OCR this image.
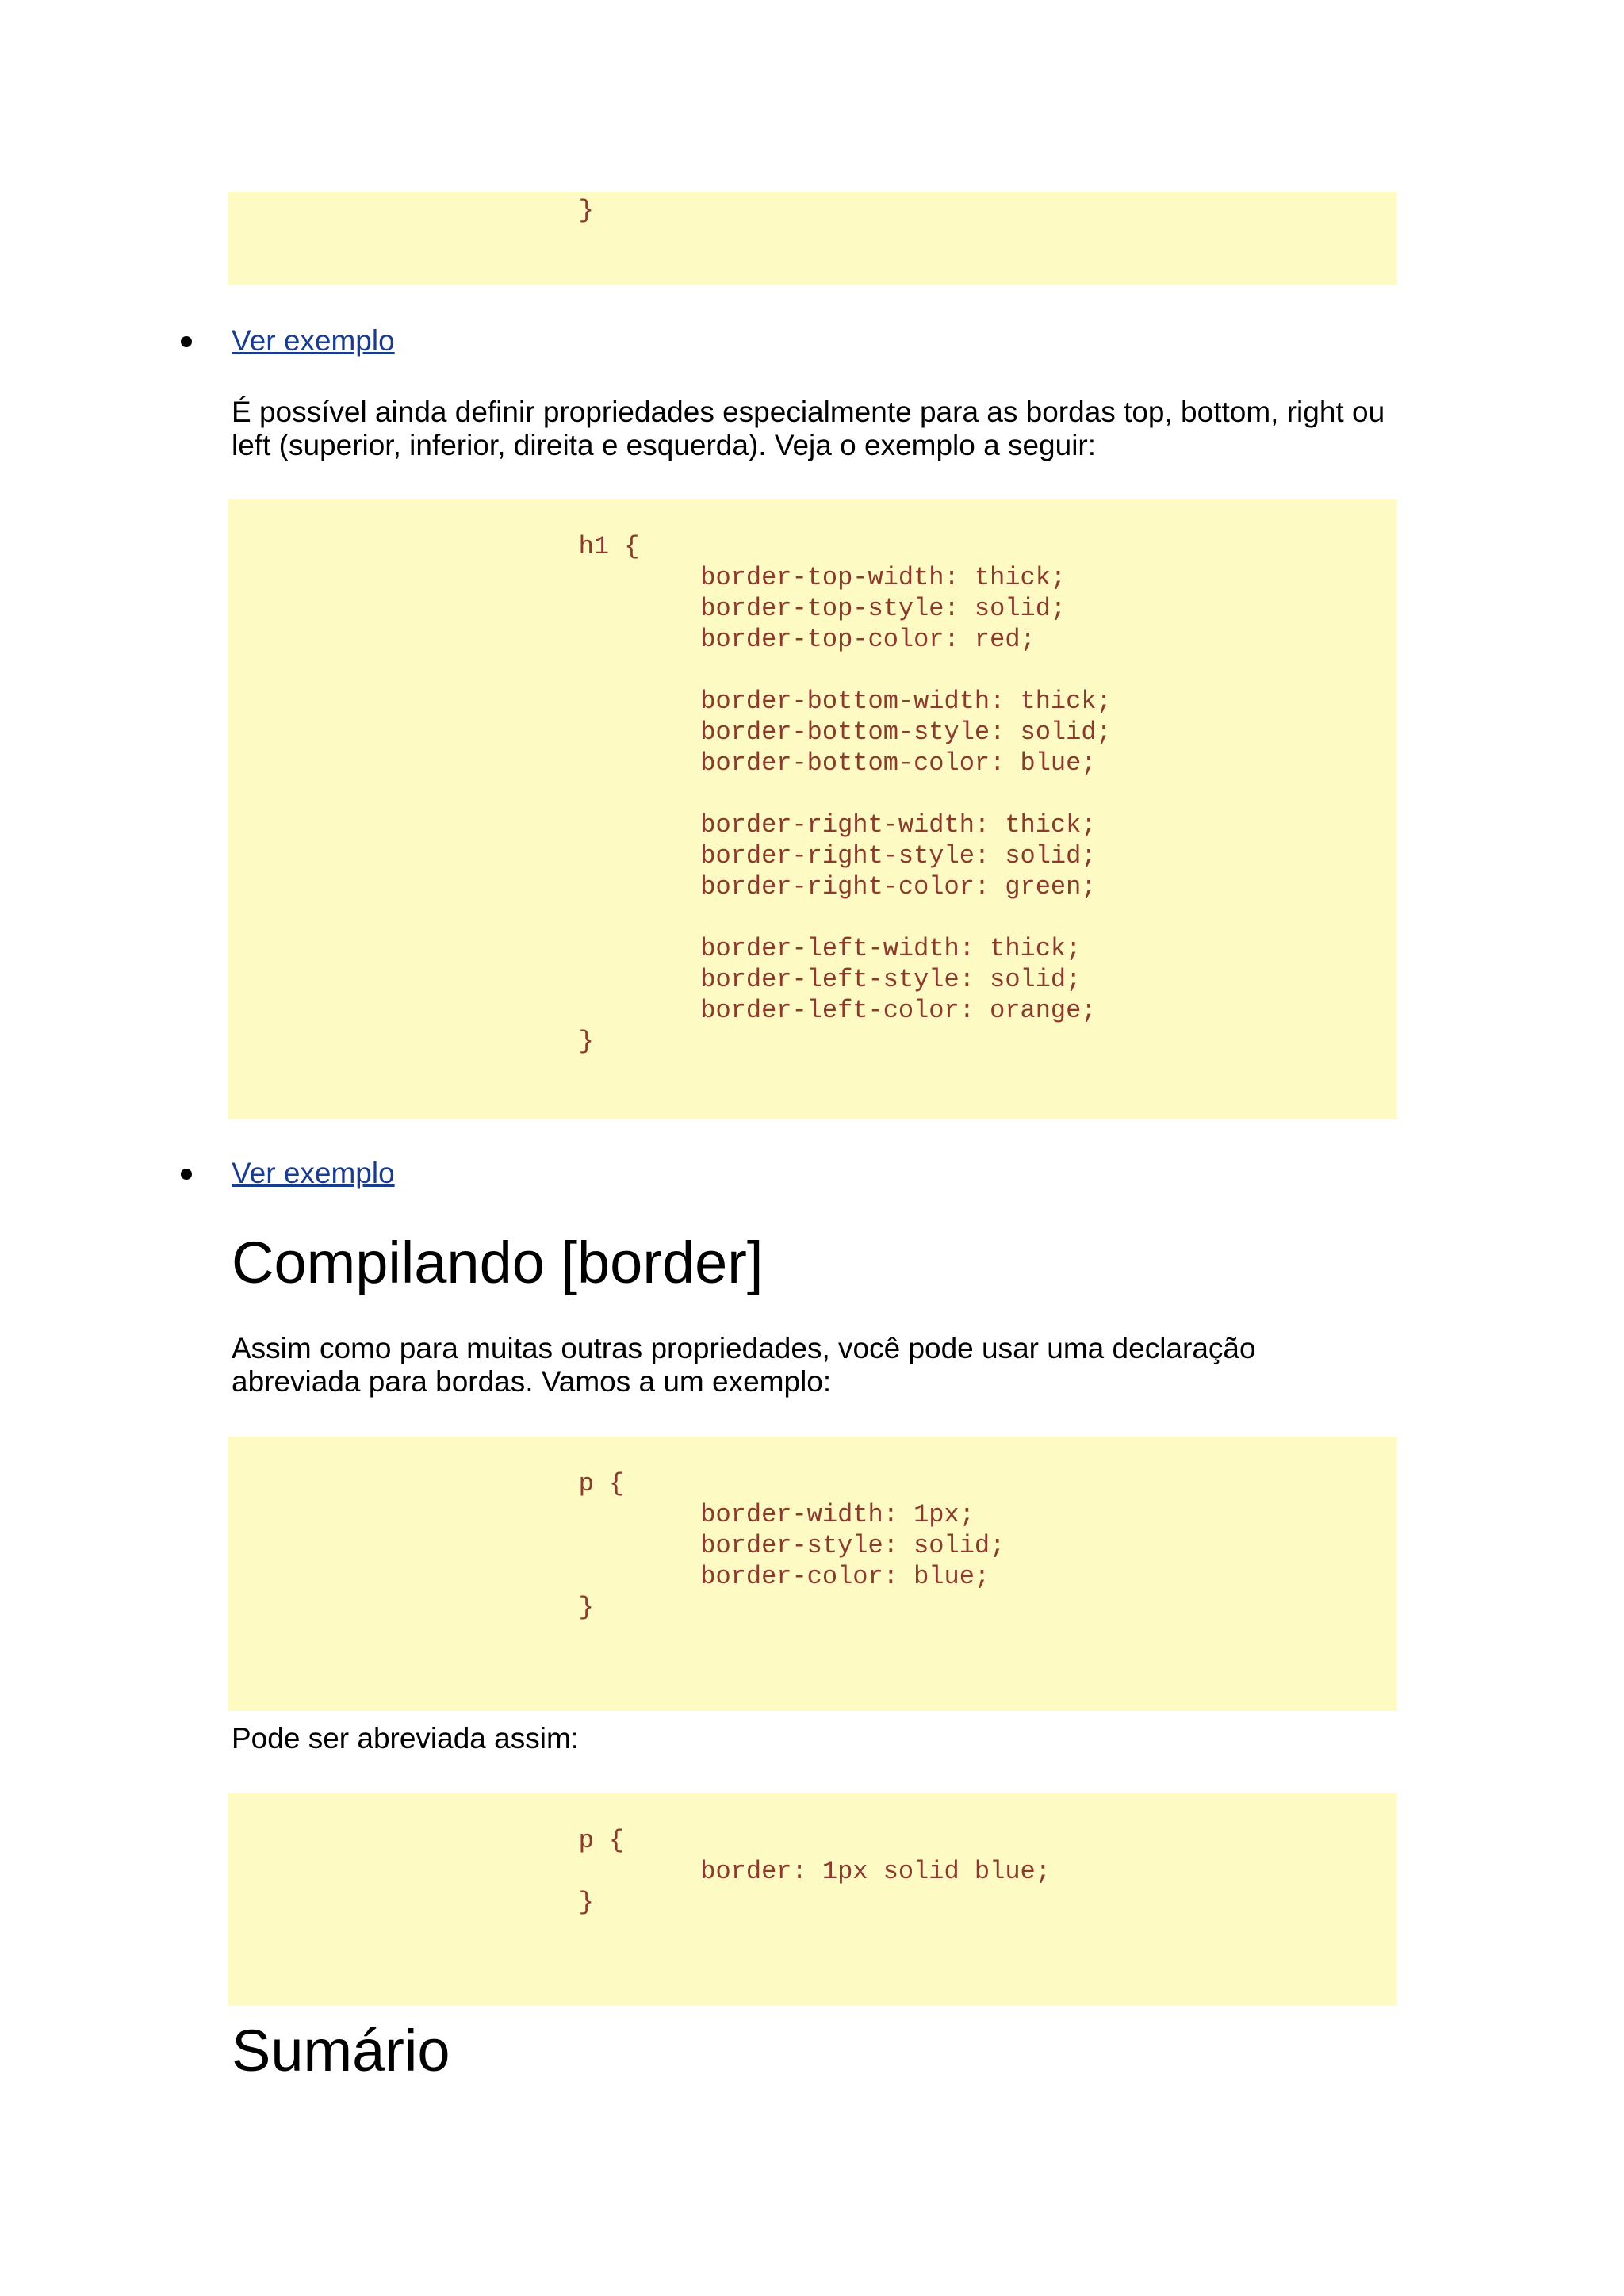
}
Ver exemplo

É possível ainda definir propriedades especialmente para as bordas top, bottom, right ou left (superior, inferior, direita e esquerda). Veja o exemplo a seguir:

h1 {
border-top-width: thick;
border-top-style: solid;
border-top-color: red;

border-bottom-width: thick;
border-bottom-style: solid;
border-bottom-color: blue;

border-right-width: thick;
border-right-style: solid;
border-right-color: green;

border-left-width: thick;
border-left-style: solid;
border-left-color: orange;
}
Ver exemplo
Compilando [border]

Assim como para muitas outras propriedades, você pode usar uma declaração abreviada para bordas. Vamos a um exemplo:

p {
border-width: 1px;
border-style: solid;
border-color: blue;
}

Pode ser abreviada assim:

p {
border: 1px solid blue;
}
Sumário
